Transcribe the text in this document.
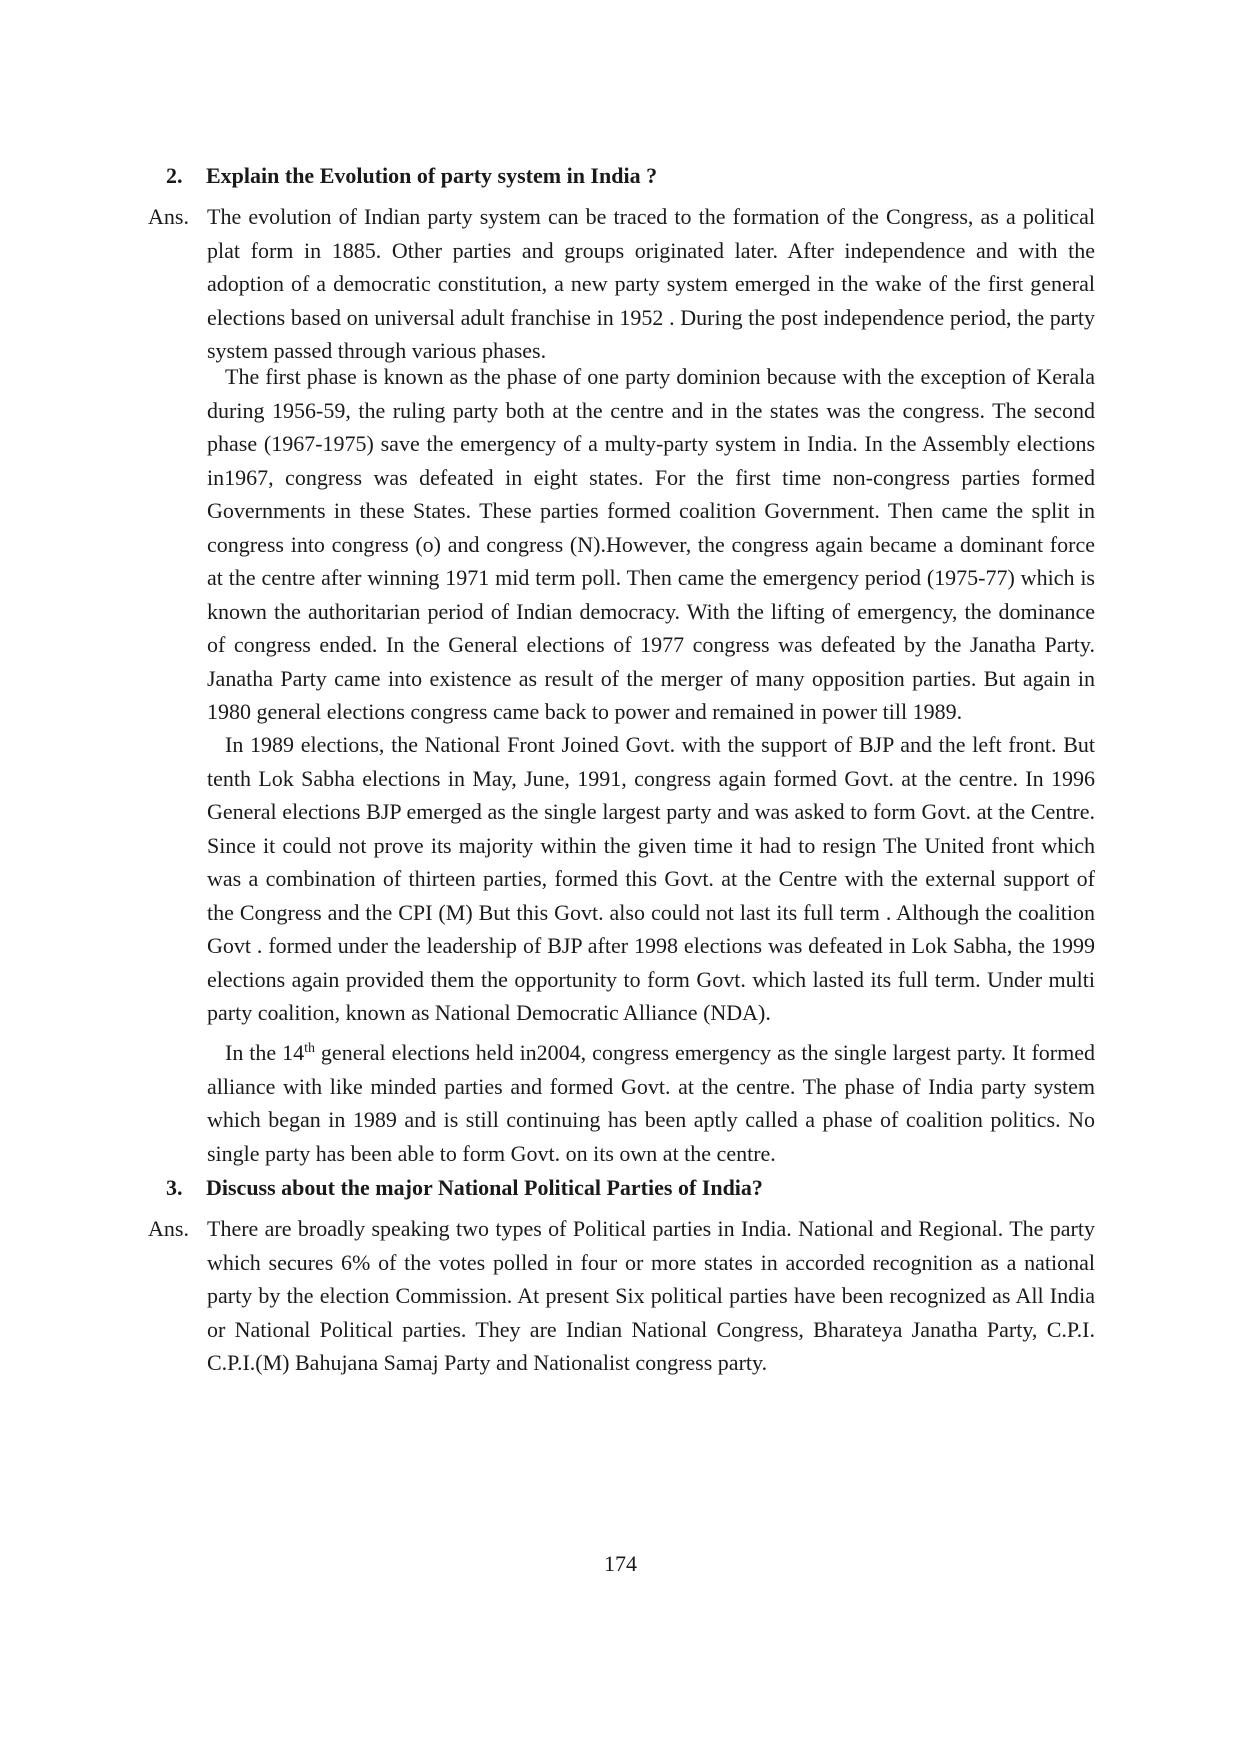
2. Explain the Evolution of party system in India ?
Ans. The evolution of Indian party system can be traced to the formation of the Congress, as a political plat form in 1885. Other parties and groups originated later. After independence and with the adoption of a democratic constitution, a new party system emerged in the wake of the first general elections based on universal adult franchise in 1952 . During the post independence period, the party system passed through various phases.

The first phase is known as the phase of one party dominion because with the exception of Kerala during 1956-59, the ruling party both at the centre and in the states was the congress. The second phase (1967-1975) save the emergency of a multy-party system in India. In the Assembly elections in1967, congress was defeated in eight states. For the first time non-congress parties formed Governments in these States. These parties formed coalition Government. Then came the split in congress into congress (o) and congress (N).However, the congress again became a dominant force at the centre after winning 1971 mid term poll. Then came the emergency period (1975-77) which is known the authoritarian period of Indian democracy. With the lifting of emergency, the dominance of congress ended. In the General elections of 1977 congress was defeated by the Janatha Party. Janatha Party came into existence as result of the merger of many opposition parties. But again in 1980 general elections congress came back to power and remained in power till 1989.

In 1989 elections, the National Front Joined Govt. with the support of BJP and the left front. But tenth Lok Sabha elections in May, June, 1991, congress again formed Govt. at the centre. In 1996 General elections BJP emerged as the single largest party and was asked to form Govt. at the Centre. Since it could not prove its majority within the given time it had to resign The United front which was a combination of thirteen parties, formed this Govt. at the Centre with the external support of the Congress and the CPI (M) But this Govt. also could not last its full term . Although the coalition Govt . formed under the leadership of BJP after 1998 elections was defeated in Lok Sabha, the 1999 elections again provided them the opportunity to form Govt. which lasted its full term. Under multi party coalition, known as National Democratic Alliance (NDA).

In the 14th general elections held in2004, congress emergency as the single largest party. It formed alliance with like minded parties and formed Govt. at the centre. The phase of India party system which began in 1989 and is still continuing has been aptly called a phase of coalition politics. No single party has been able to form Govt. on its own at the centre.

3. Discuss about the major National Political Parties of India?
Ans. There are broadly speaking two types of Political parties in India. National and Regional. The party which secures 6% of the votes polled in four or more states in accorded recognition as a national party by the election Commission. At present Six political parties have been recognized as All India or National Political parties. They are Indian National Congress, Bharateya Janatha Party, C.P.I. C.P.I.(M) Bahujana Samaj Party and Nationalist congress party.

174
